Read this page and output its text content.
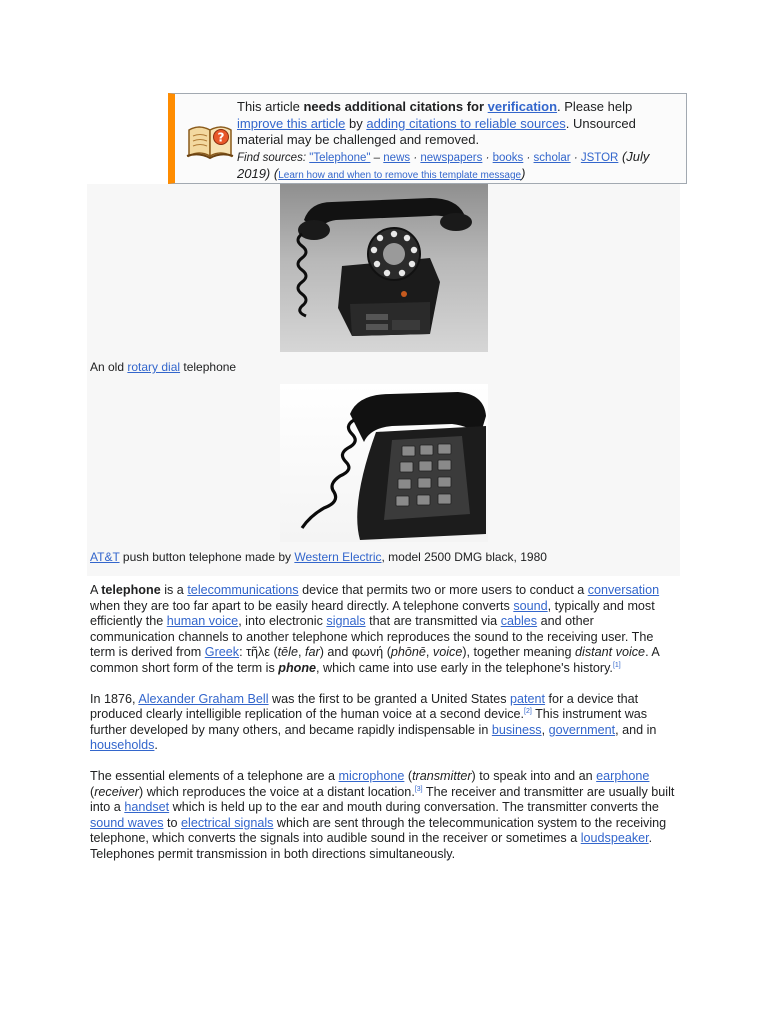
?
This article needs additional citations for verification. Please help improve this article by adding citations to reliable sources. Unsourced material may be challenged and removed.
Find sources: "Telephone" – news · newspapers · books · scholar · JSTOR (July 2019) (Learn how and when to remove this template message)
An old rotary dial telephone
AT&T push button telephone made by Western Electric, model 2500 DMG black, 1980

A telephone is a telecommunications device that permits two or more users to conduct a conversation when they are too far apart to be easily heard directly. A telephone converts sound, typically and most efficiently the human voice, into electronic signals that are transmitted via cables and other communication channels to another telephone which reproduces the sound to the receiving user. The term is derived from Greek: τῆλε (tēle, far) and φωνή (phōnē, voice), together meaning distant voice. A common short form of the term is phone, which came into use early in the telephone's history.[1]

In 1876, Alexander Graham Bell was the first to be granted a United States patent for a device that produced clearly intelligible replication of the human voice at a second device.[2] This instrument was further developed by many others, and became rapidly indispensable in business, government, and in households.

The essential elements of a telephone are a microphone (transmitter) to speak into and an earphone (receiver) which reproduces the voice at a distant location.[3] The receiver and transmitter are usually built into a handset which is held up to the ear and mouth during conversation. The transmitter converts the sound waves to electrical signals which are sent through the telecommunication system to the receiving telephone, which converts the signals into audible sound in the receiver or sometimes a loudspeaker. Telephones permit transmission in both directions simultaneously.
